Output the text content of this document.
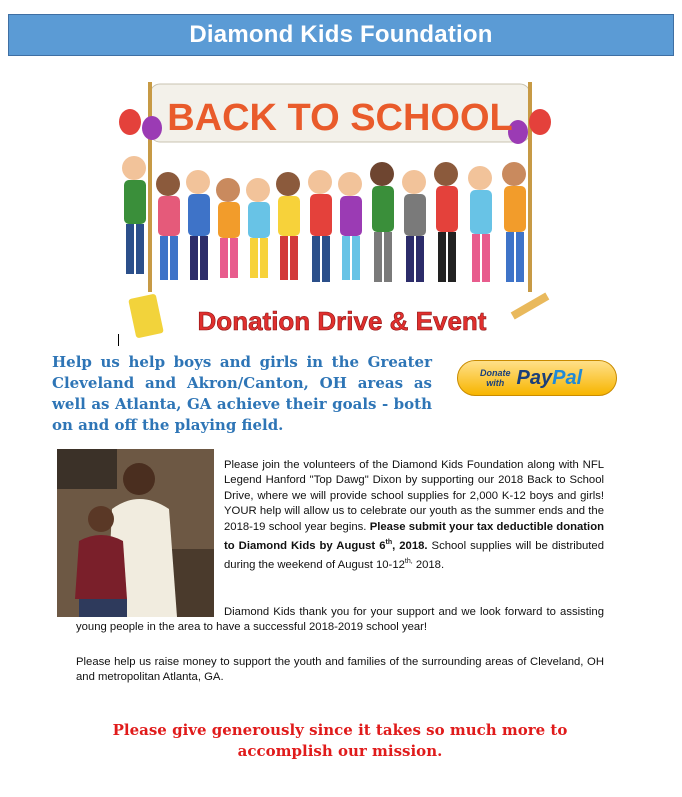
Diamond Kids Foundation
BACK TO SCHOOL
Donation Drive & Event
Help us help boys and girls in the Greater Cleveland and Akron/Canton, OH areas as well as Atlanta, GA achieve their goals - both on and off the playing field.
Donate
with PayPal
Please join the volunteers of the Diamond Kids Foundation along with NFL Legend Hanford "Top Dawg" Dixon by supporting our 2018 Back to School Drive, where we will provide school supplies for 2,000 K-12 boys and girls! YOUR help will allow us to celebrate our youth as the summer ends and the 2018-19 school year begins. Please submit your tax deductible donation to Diamond Kids by August 6th, 2018. School supplies will be distributed during the weekend of August $10-12^{th,}$ 2018.
Diamond Kids thank you for your support and we look forward to assisting young people in the area to have a successful 2018-2019 school year!
Please help us raise money to support the youth and families of the surrounding areas of Cleveland, OH and metropolitan Atlanta, GA.
Please give generously since it takes so much more to
accomplish our mission.
